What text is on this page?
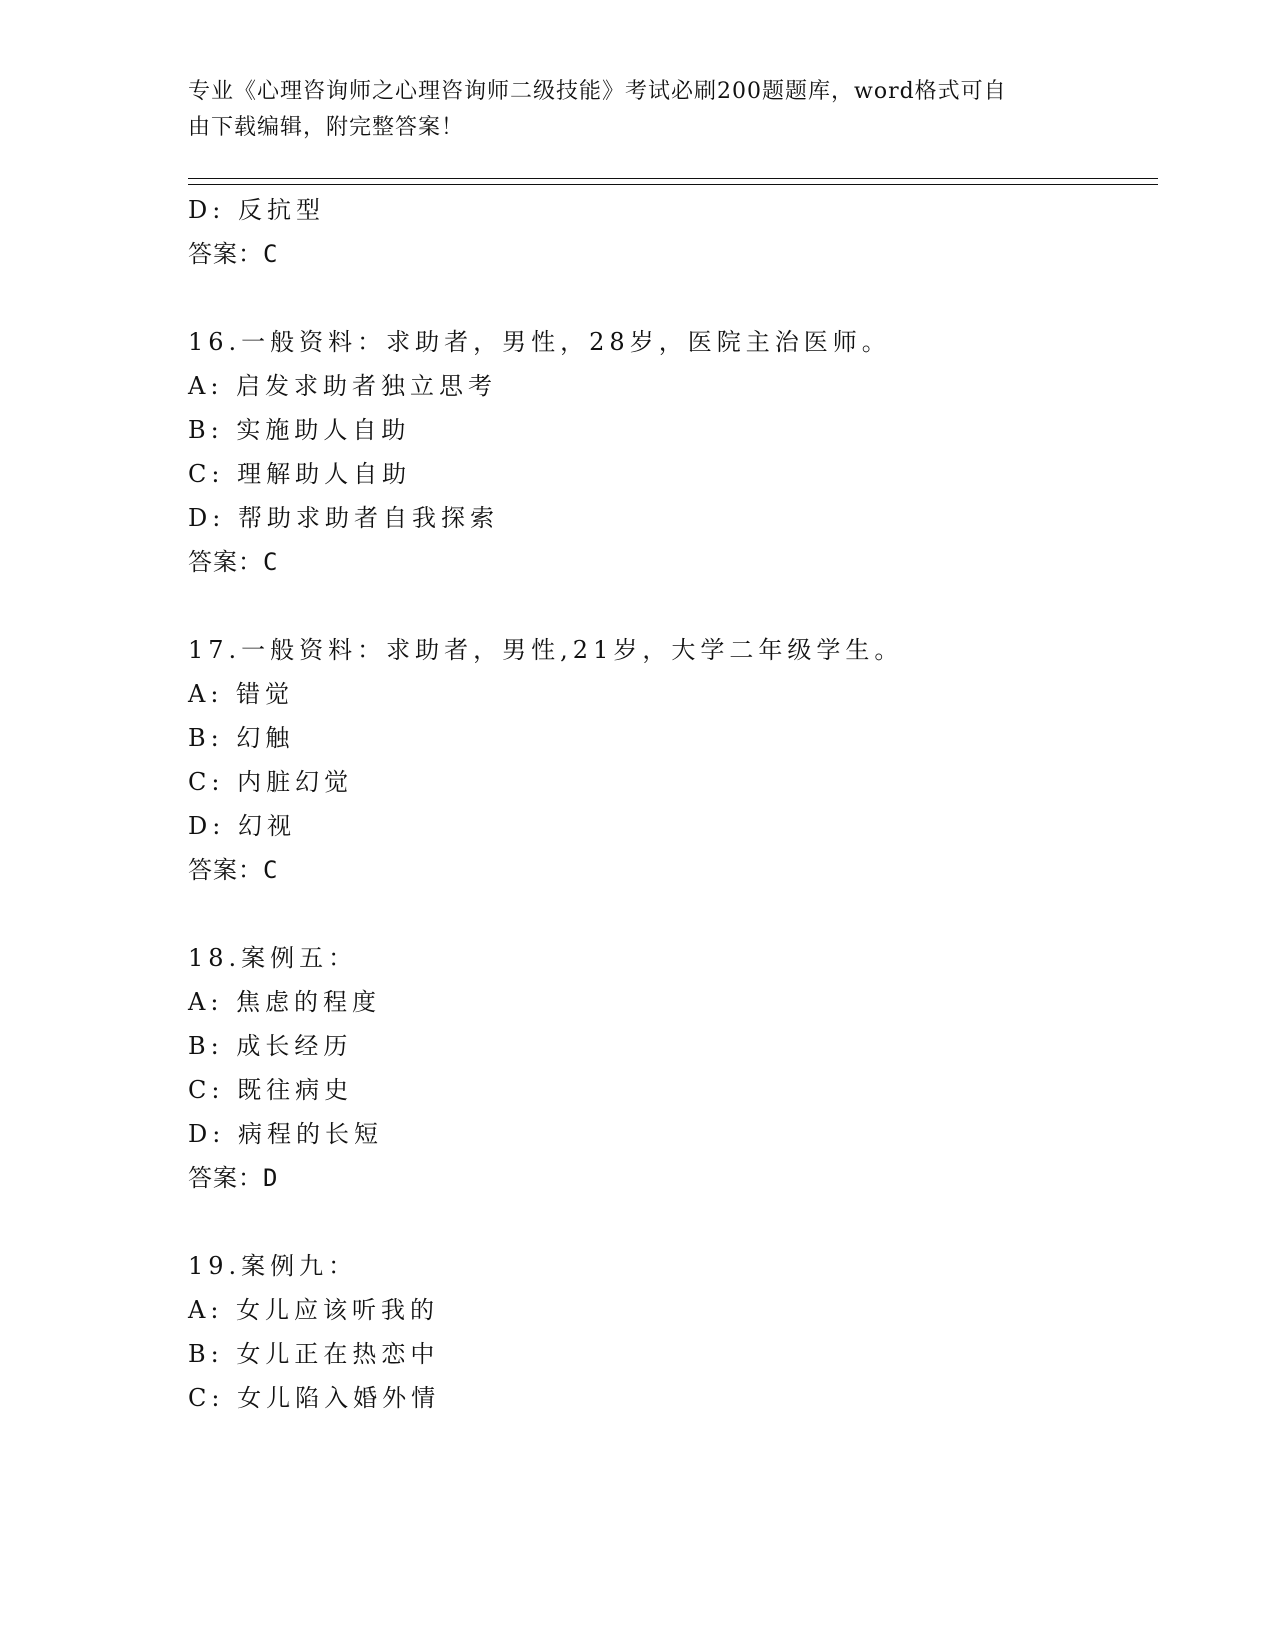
专业《心理咨询师之心理咨询师二级技能》考试必刷200题题库，word格式可自
由下载编辑，附完整答案！
D: 反抗型
答案：C
16.一般资料：求助者，男性，28岁，医院主治医师。
A: 启发求助者独立思考
B: 实施助人自助
C: 理解助人自助
D: 帮助求助者自我探索
答案：C
17.一般资料：求助者，男性,21岁，大学二年级学生。
A: 错觉
B: 幻触
C: 内脏幻觉
D: 幻视
答案：C
18.案例五：
A: 焦虑的程度
B: 成长经历
C: 既往病史
D: 病程的长短
答案：D
19.案例九：
A: 女儿应该听我的
B: 女儿正在热恋中
C: 女儿陷入婚外情
